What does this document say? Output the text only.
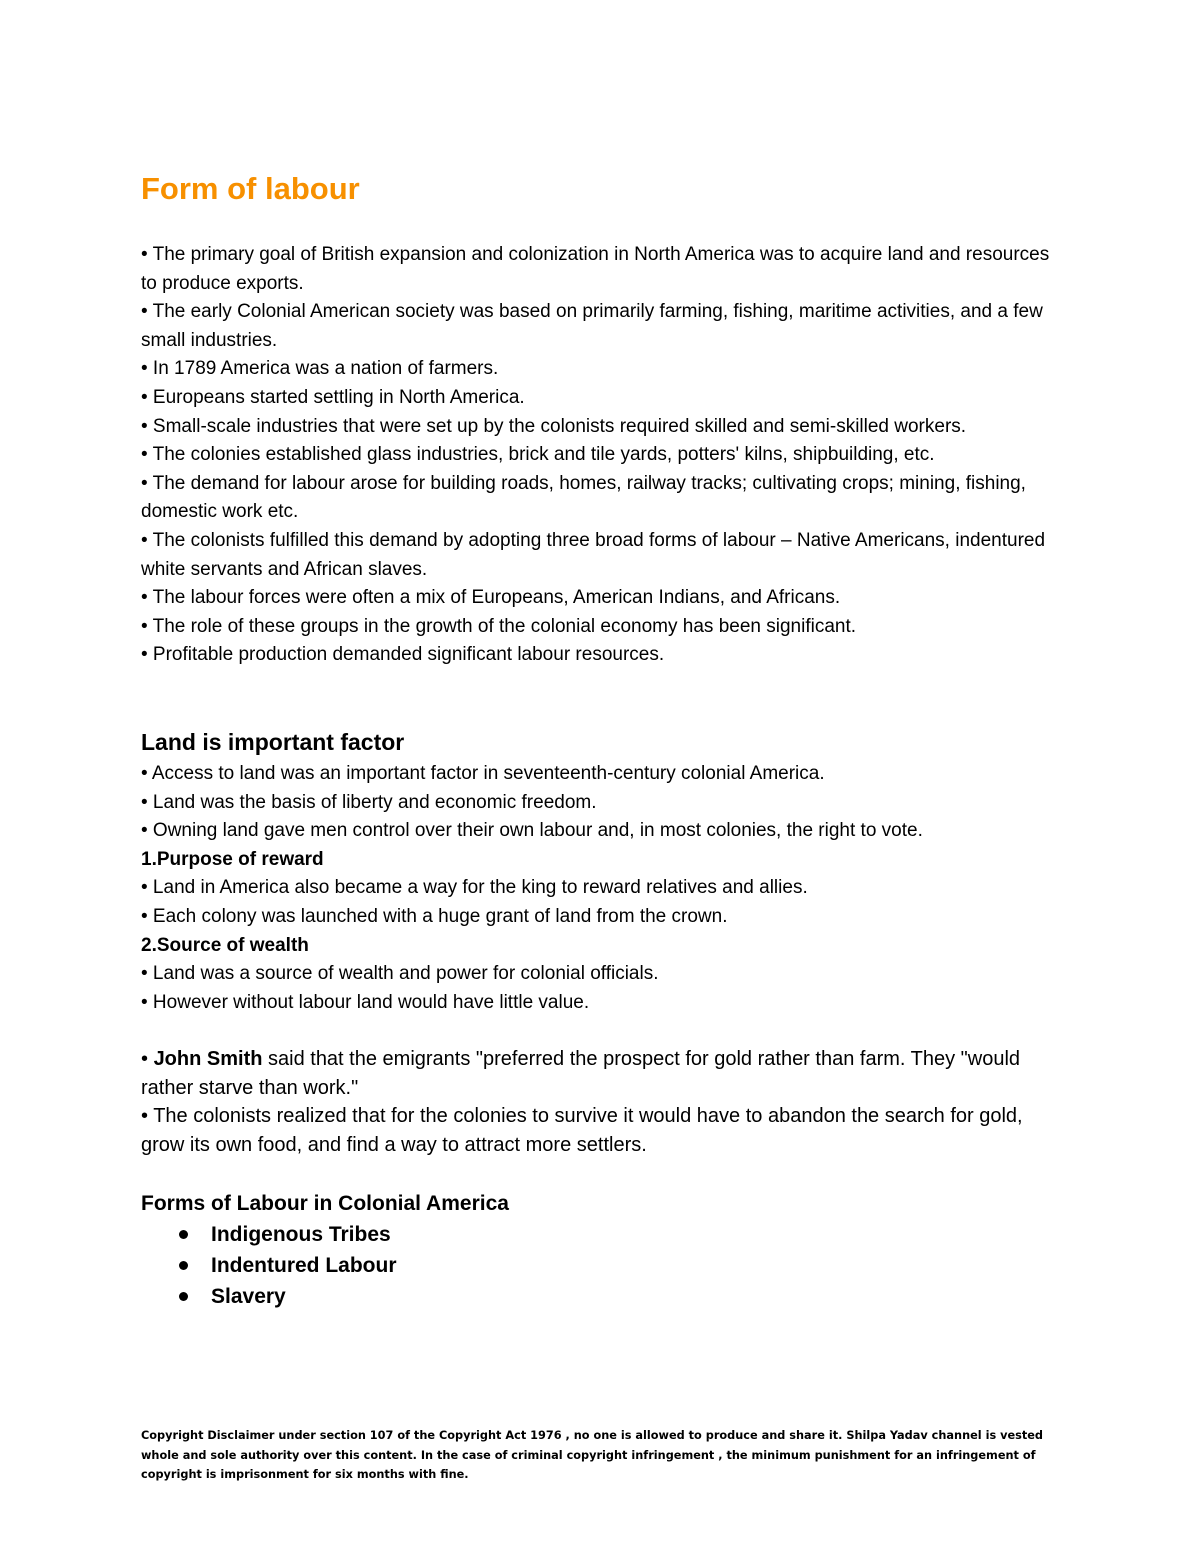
Form of labour

• The primary goal of British expansion and colonization in North America was to acquire land and resources to produce exports.

• The early Colonial American society was based on primarily farming, fishing, maritime activities, and a few small industries.

• In 1789 America was a nation of farmers.

• Europeans started settling in North America.

• Small-scale industries that were set up by the colonists required skilled and semi-skilled workers.

• The colonies established glass industries, brick and tile yards, potters' kilns, shipbuilding, etc.

• The demand for labour arose for building roads, homes, railway tracks; cultivating crops; mining, fishing, domestic work etc.

• The colonists fulfilled this demand by adopting three broad forms of labour – Native Americans, indentured white servants and African slaves.

• The labour forces were often a mix of Europeans, American Indians, and Africans.

• The role of these groups in the growth of the colonial economy has been significant.

• Profitable production demanded significant labour resources.

Land is important factor

• Access to land was an important factor in seventeenth-century colonial America.

• Land was the basis of liberty and economic freedom.

• Owning land gave men control over their own labour and, in most colonies, the right to vote.

1.Purpose of reward

• Land in America also became a way for the king to reward relatives and allies.

• Each colony was launched with a huge grant of land from the crown.

2.Source of wealth

• Land was a source of wealth and power for colonial officials.

• However without labour land would have little value.

• John Smith said that the emigrants "preferred the prospect for gold rather than farm. They "would rather starve than work."

• The colonists realized that for the colonies to survive it would have to abandon the search for gold, grow its own food, and find a way to attract more settlers.

Forms of Labour in Colonial America
Indigenous Tribes
Indentured Labour
Slavery

Copyright Disclaimer under section 107 of the Copyright Act 1976 , no one is allowed to produce and share it. Shilpa Yadav channel is vested whole and sole authority over this content. In the case of criminal copyright infringement , the minimum punishment for an infringement of copyright is imprisonment for six months with fine.
